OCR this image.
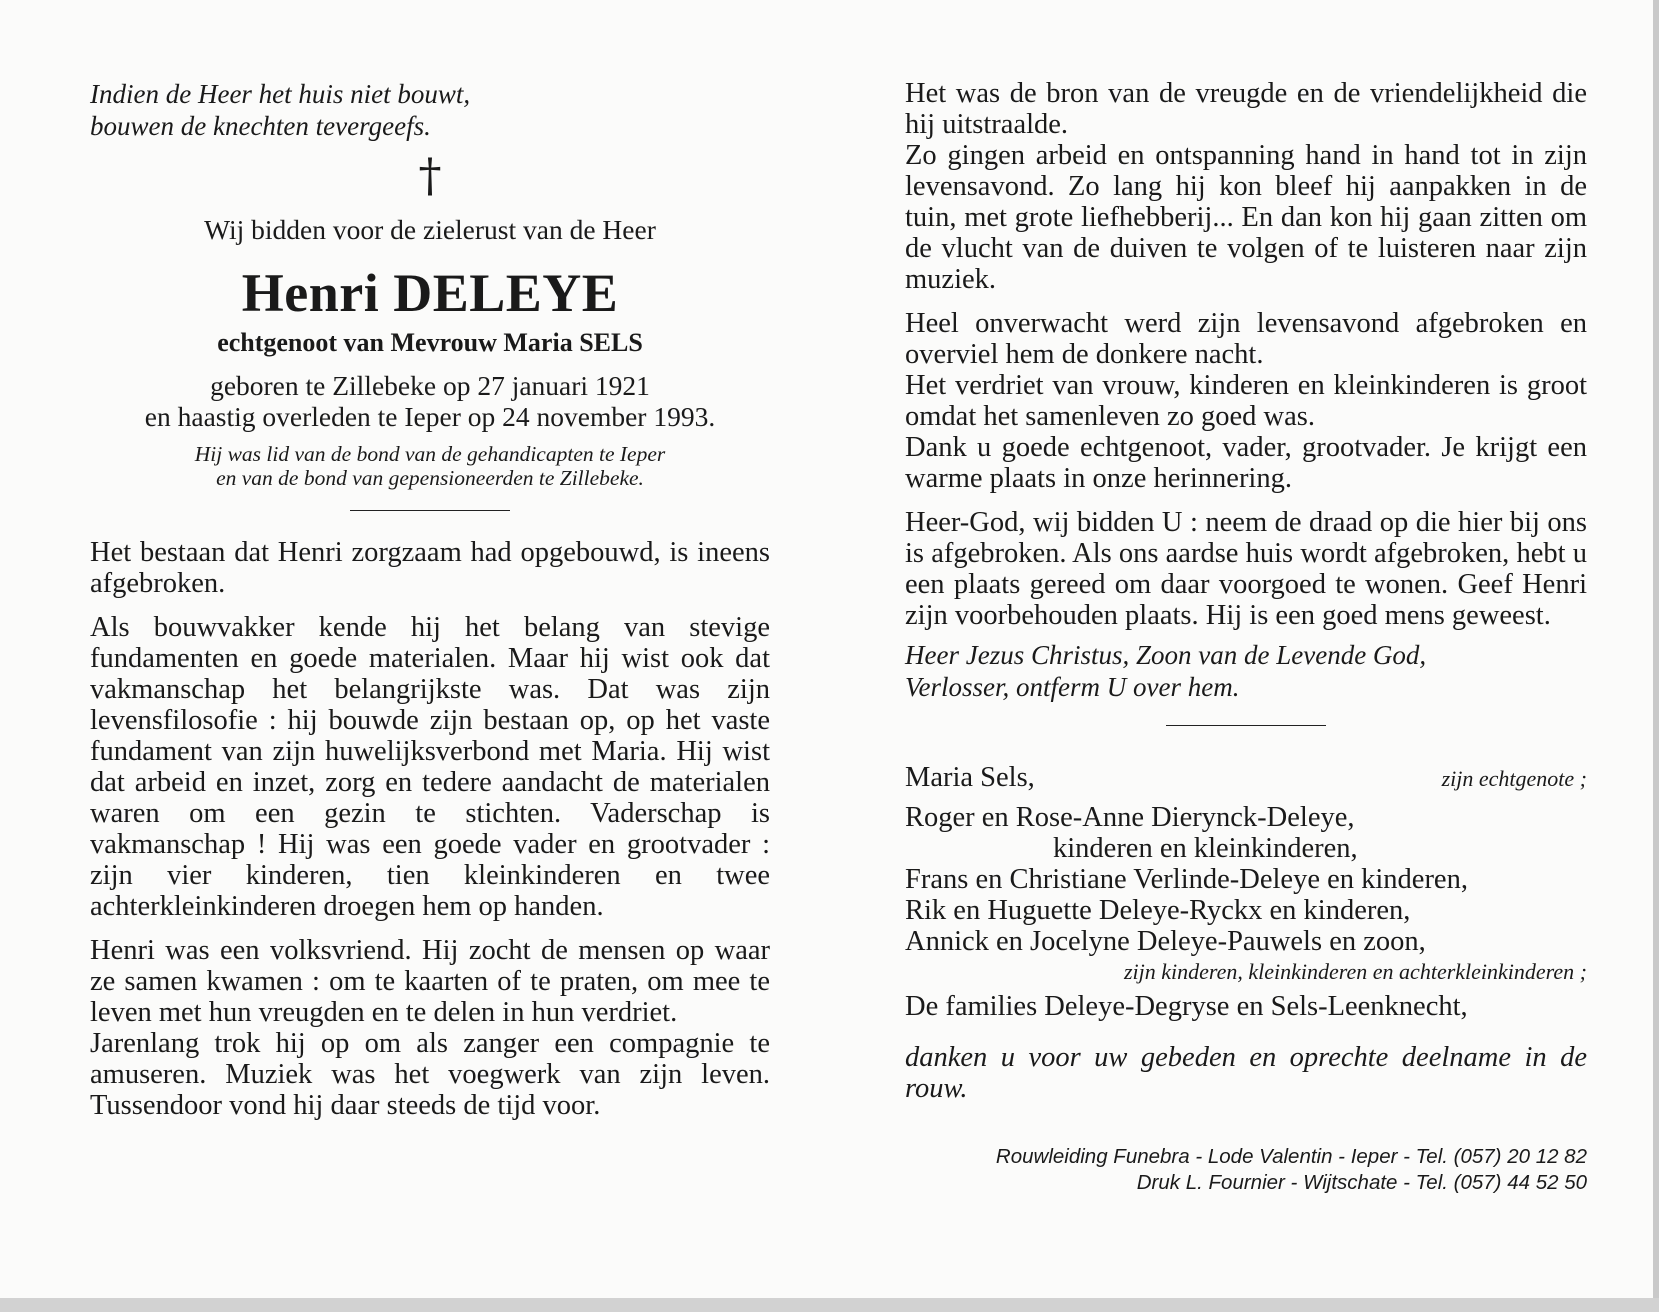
Indien de Heer het huis niet bouwt,

bouwen de knechten tevergeefs.

†

Wij bidden voor de zielerust van de Heer

Henri DELEYE

echtgenoot van Mevrouw Maria SELS

geboren te Zillebeke op 27 januari 1921

en haastig overleden te Ieper op 24 november 1993.

Hij was lid van de bond van de gehandicapten te Ieper

en van de bond van gepensioneerden te Zillebeke.

Het bestaan dat Henri zorgzaam had opgebouwd, is ineens afgebroken.

Als bouwvakker kende hij het belang van stevige fundamenten en goede materialen. Maar hij wist ook dat vakmanschap het belangrijkste was. Dat was zijn levensfilosofie : hij bouwde zijn bestaan op, op het vaste fundament van zijn huwelijksverbond met Maria. Hij wist dat arbeid en inzet, zorg en tedere aandacht de materialen waren om een gezin te stichten. Vaderschap is vakmanschap ! Hij was een goede vader en grootvader : zijn vier kinderen, tien kleinkinderen en twee achterkleinkinderen droegen hem op handen.

Henri was een volksvriend. Hij zocht de mensen op waar ze samen kwamen : om te kaarten of te praten, om mee te leven met hun vreugden en te delen in hun verdriet.

Jarenlang trok hij op om als zanger een compagnie te amuseren. Muziek was het voegwerk van zijn leven. Tussendoor vond hij daar steeds de tijd voor.

Het was de bron van de vreugde en de vriendelijkheid die hij uitstraalde.

Zo gingen arbeid en ontspanning hand in hand tot in zijn levensavond. Zo lang hij kon bleef hij aanpakken in de tuin, met grote liefhebberij... En dan kon hij gaan zitten om de vlucht van de duiven te volgen of te luisteren naar zijn muziek.

Heel onverwacht werd zijn levensavond afgebroken en overviel hem de donkere nacht.

Het verdriet van vrouw, kinderen en kleinkinderen is groot omdat het samenleven zo goed was.

Dank u goede echtgenoot, vader, grootvader. Je krijgt een warme plaats in onze herinnering.

Heer-God, wij bidden U : neem de draad op die hier bij ons is afgebroken. Als ons aardse huis wordt afgebroken, hebt u een plaats gereed om daar voorgoed te wonen. Geef Henri zijn voorbehouden plaats. Hij is een goed mens geweest.

Heer Jezus Christus, Zoon van de Levende God,

Verlosser, ontferm U over hem.

Maria Sels,	zijn echtgenote ;

Roger en Rose-Anne Dierynck-Deleye,

kinderen en kleinkinderen,

Frans en Christiane Verlinde-Deleye en kinderen,

Rik en Huguette Deleye-Ryckx en kinderen,

Annick en Jocelyne Deleye-Pauwels en zoon,

zijn kinderen, kleinkinderen en achterkleinkinderen ;

De families Deleye-Degryse en Sels-Leenknecht,

danken u voor uw gebeden en oprechte deelname in de rouw.

Rouwleiding Funebra - Lode Valentin - Ieper - Tel. (057) 20 12 82

Druk L. Fournier - Wijtschate - Tel. (057) 44 52 50
